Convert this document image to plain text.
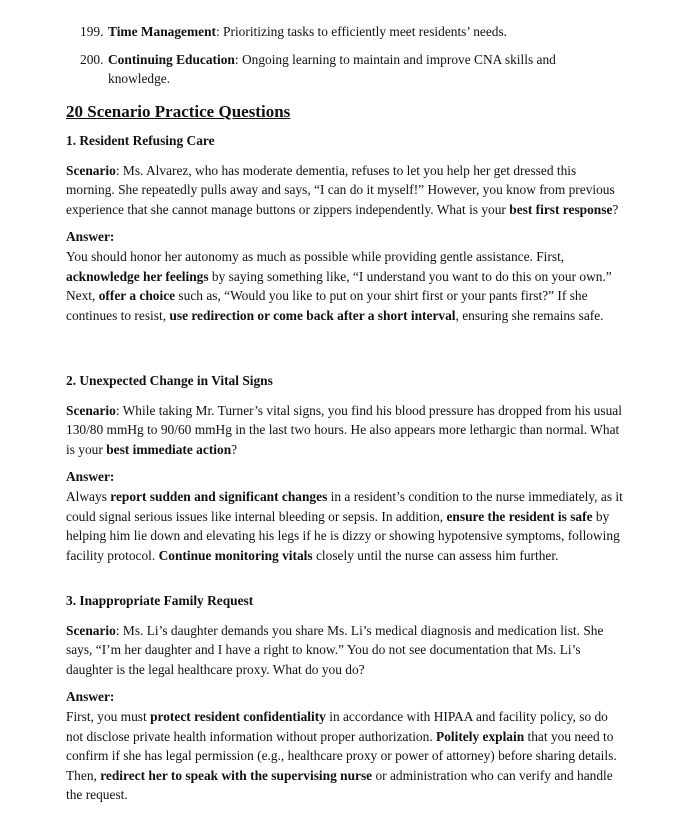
199. Time Management: Prioritizing tasks to efficiently meet residents’ needs.
200. Continuing Education: Ongoing learning to maintain and improve CNA skills and knowledge.
20 Scenario Practice Questions

1. Resident Refusing Care

Scenario: Ms. Alvarez, who has moderate dementia, refuses to let you help her get dressed this morning. She repeatedly pulls away and says, “I can do it myself!” However, you know from previous experience that she cannot manage buttons or zippers independently. What is your best first response?

Answer:

You should honor her autonomy as much as possible while providing gentle assistance. First, acknowledge her feelings by saying something like, “I understand you want to do this on your own.” Next, offer a choice such as, “Would you like to put on your shirt first or your pants first?” If she continues to resist, use redirection or come back after a short interval, ensuring she remains safe.

2. Unexpected Change in Vital Signs

Scenario: While taking Mr. Turner’s vital signs, you find his blood pressure has dropped from his usual 130/80 mmHg to 90/60 mmHg in the last two hours. He also appears more lethargic than normal. What is your best immediate action?

Answer:

Always report sudden and significant changes in a resident’s condition to the nurse immediately, as it could signal serious issues like internal bleeding or sepsis. In addition, ensure the resident is safe by helping him lie down and elevating his legs if he is dizzy or showing hypotensive symptoms, following facility protocol. Continue monitoring vitals closely until the nurse can assess him further.

3. Inappropriate Family Request

Scenario: Ms. Li’s daughter demands you share Ms. Li’s medical diagnosis and medication list. She says, “I’m her daughter and I have a right to know.” You do not see documentation that Ms. Li’s daughter is the legal healthcare proxy. What do you do?

Answer:

First, you must protect resident confidentiality in accordance with HIPAA and facility policy, so do not disclose private health information without proper authorization. Politely explain that you need to confirm if she has legal permission (e.g., healthcare proxy or power of attorney) before sharing details. Then, redirect her to speak with the supervising nurse or administration who can verify and handle the request.
